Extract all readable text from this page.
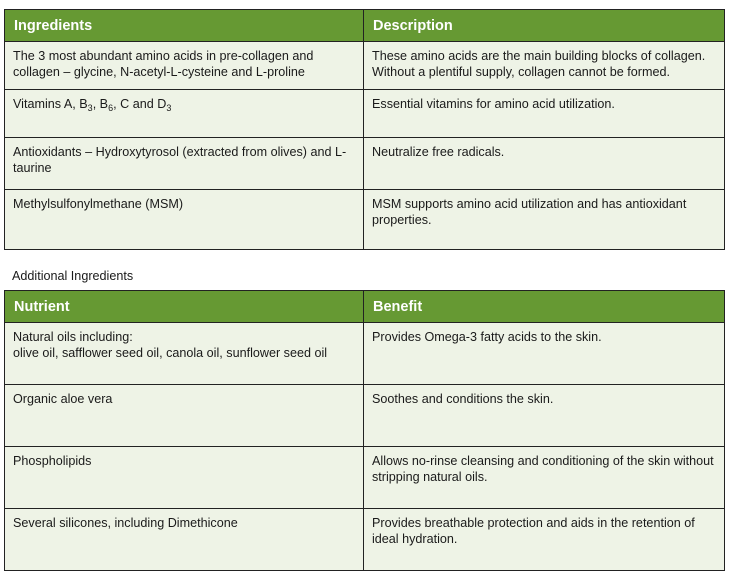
Ingredients	Description
The 3 most abundant amino acids in pre-collagen and collagen – glycine, N-acetyl-L-cysteine and L-proline	These amino acids are the main building blocks of collagen. Without a plentiful supply, collagen cannot be formed.
Vitamins A, $B_3$, $B_6$, C and $D_3$	Essential vitamins for amino acid utilization.
Antioxidants – Hydroxytyrosol (extracted from olives) and L-taurine	Neutralize free radicals.
Methylsulfonylmethane (MSM)	MSM supports amino acid utilization and has antioxidant properties.
Additional Ingredients
Nutrient	Benefit

Natural oils including:
olive oil, safflower seed oil, canola oil, sunflower seed oil	Provides Omega-3 fatty acids to the skin.
Organic aloe vera	Soothes and conditions the skin.
Phospholipids	Allows no-rinse cleansing and conditioning of the skin without stripping natural oils.
Several silicones, including Dimethicone	Provides breathable protection and aids in the retention of ideal hydration.
